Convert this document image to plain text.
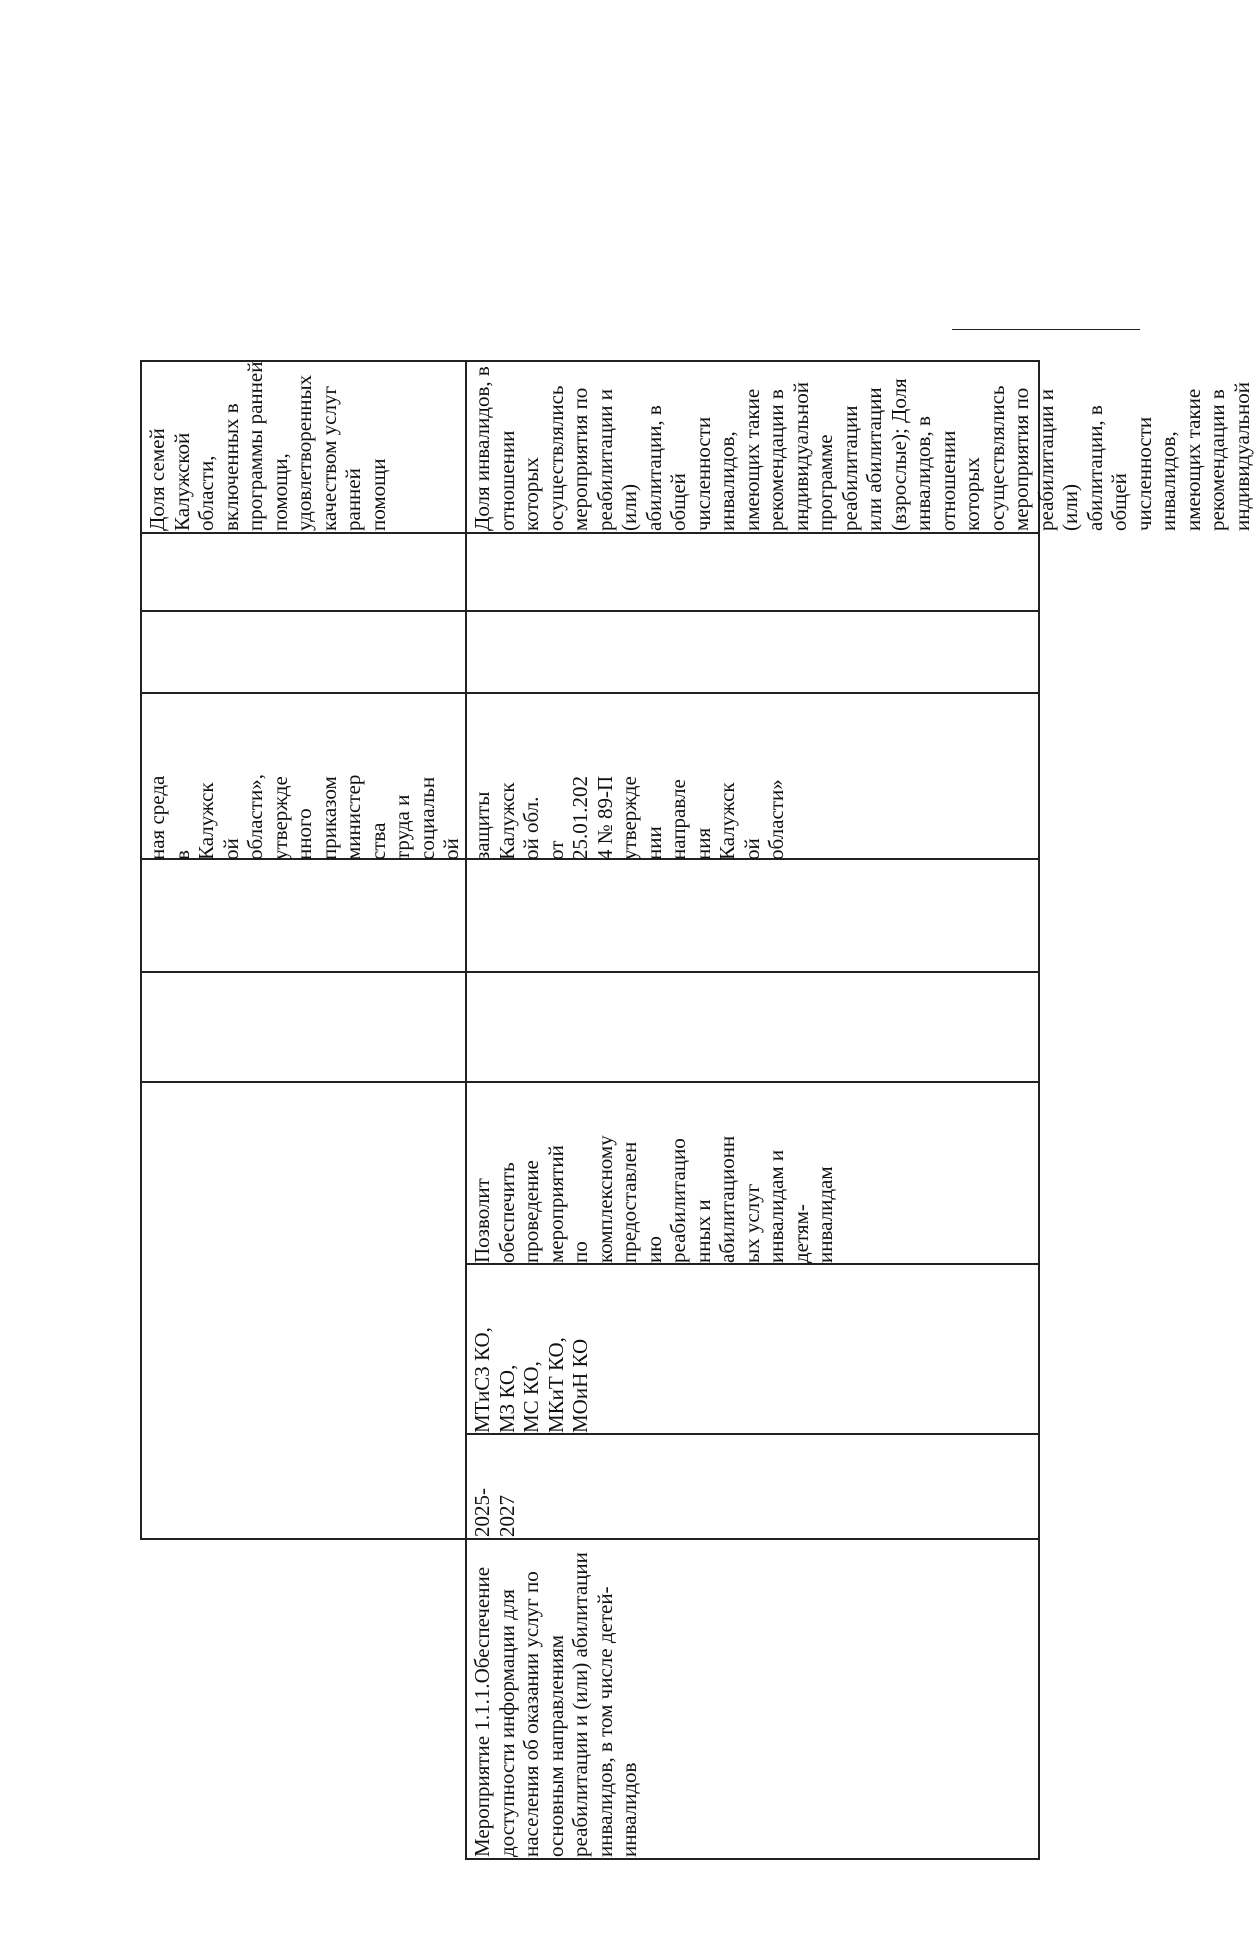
ная среда
в
Калужск
ой
области»,
утвержде
нного
приказом
министер
ства
труда и
социальн
ой
Доля семей Калужской
области, включенных в
программы ранней
помощи,
удовлетворенных
качеством услуг ранней
помощи
Мероприятие 1.1.1.Обеспечение
доступности информации для
населения об оказании услуг по
основным направлениям
реабилитации и (или) абилитации
инвалидов, в том числе детей-
инвалидов
2025-
2027
МТиСЗ КО,
МЗ КО,
МС КО,
МКиТ КО,
МОиН КО
Позволит
обеспечить
проведение
мероприятий
по
комплексному
предоставлен
ию
реабилитацио
нных и
абилитационн
ых услуг
инвалидам и
детям-
инвалидам
защиты
Калужск
ой обл.
от
25.01.202
4 № 89-П
утвержде
нии
направле
ния
Калужск
ой
области»
Доля инвалидов, в
отношении которых
осуществлялись
мероприятия по
реабилитации и (или)
абилитации, в общей
численности инвалидов,
имеющих такие
рекомендации в
индивидуальной
программе реабилитации
или абилитации
(взрослые); Доля
инвалидов, в отношении
которых осуществлялись
мероприятия по
реабилитации и (или)
абилитации, в общей
численности инвалидов,
имеющих такие
рекомендации в
индивидуальной
